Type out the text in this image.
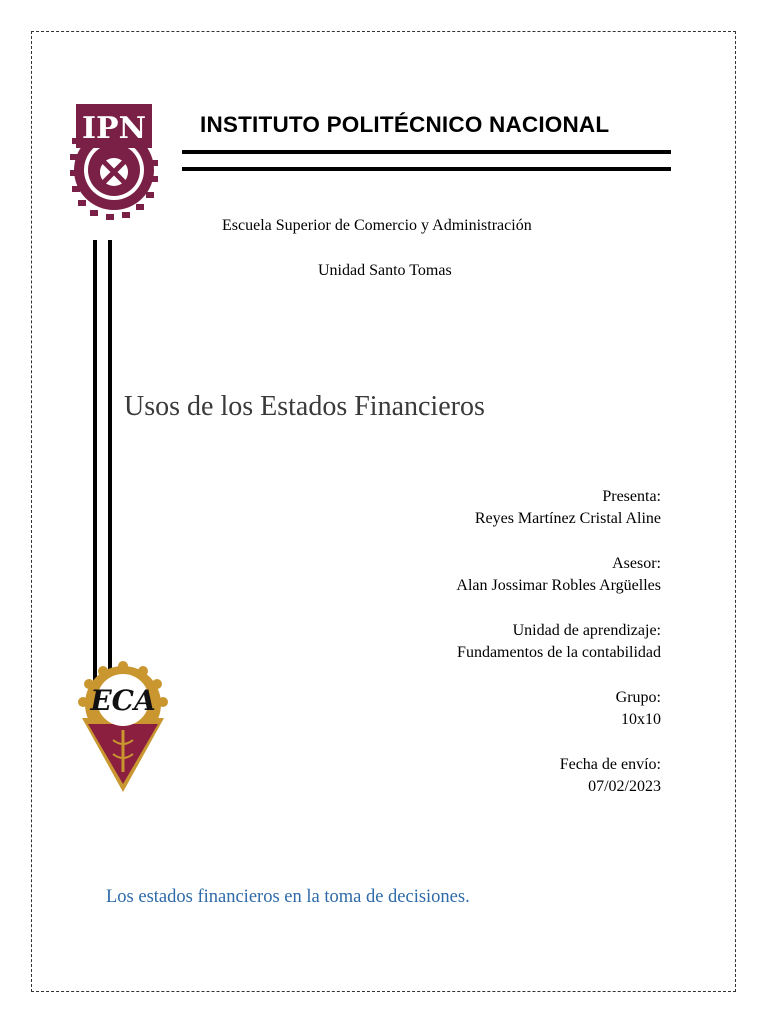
IPN
ECA
INSTITUTO POLITÉCNICO NACIONAL
Escuela Superior de Comercio y Administración
Unidad Santo Tomas
Usos de los Estados Financieros
Presenta:
Reyes Martínez Cristal Aline
Asesor:
Alan Jossimar Robles Argüelles
Unidad de aprendizaje:
Fundamentos de la contabilidad
Grupo:
10x10
Fecha de envío:
07/02/2023
Los estados financieros en la toma de decisiones.
